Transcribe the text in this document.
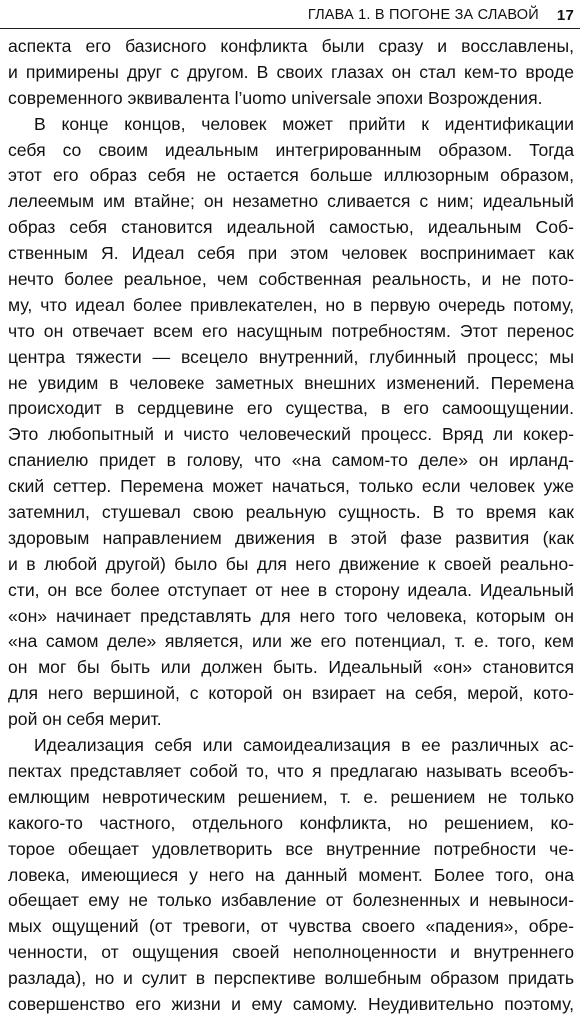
ГЛАВА 1. В ПОГОНЕ ЗА СЛАВОЙ 17
аспекта его базисного конфликта были сразу и восславлены,
и примирены друг с другом. В своих глазах он стал кем-то вроде
современного эквивалента l’uomo universale эпохи Возрождения.
В конце концов, человек может прийти к идентификации
себя со своим идеальным интегрированным образом. Тогда
этот его образ себя не остается больше иллюзорным образом,
лелеемым им втайне; он незаметно сливается с ним; идеальный
образ себя становится идеальной самостью, идеальным Соб-
ственным Я. Идеал себя при этом человек воспринимает как
нечто более реальное, чем собственная реальность, и не пото-
му, что идеал более привлекателен, но в первую очередь потому,
что он отвечает всем его насущным потребностям. Этот перенос
центра тяжести — всецело внутренний, глубинный процесс; мы
не увидим в человеке заметных внешних изменений. Перемена
происходит в сердцевине его существа, в его самоощущении.
Это любопытный и чисто человеческий процесс. Вряд ли кокер-
спаниелю придет в голову, что «на самом-то деле» он ирланд-
ский сеттер. Перемена может начаться, только если человек уже
затемнил, стушевал свою реальную сущность. В то время как
здоровым направлением движения в этой фазе развития (как
и в любой другой) было бы для него движение к своей реально-
сти, он все более отступает от нее в сторону идеала. Идеальный
«он» начинает представлять для него того человека, которым он
«на самом деле» является, или же его потенциал, т. е. того, кем
он мог бы быть или должен быть. Идеальный «он» становится
для него вершиной, с которой он взирает на себя, мерой, кото-
рой он себя мерит.
Идеализация себя или самоидеализация в ее различных ас-
пектах представляет собой то, что я предлагаю называть всеобъ-
емлющим невротическим решением, т. е. решением не только
какого-то частного, отдельного конфликта, но решением, ко-
торое обещает удовлетворить все внутренние потребности че-
ловека, имеющиеся у него на данный момент. Более того, она
обещает ему не только избавление от болезненных и невыноси-
мых ощущений (от тревоги, от чувства своего «падения», обре-
ченности, от ощущения своей неполноценности и внутреннего
разлада), но и сулит в перспективе волшебным образом придать
совершенство его жизни и ему самому. Неудивительно поэтому,
